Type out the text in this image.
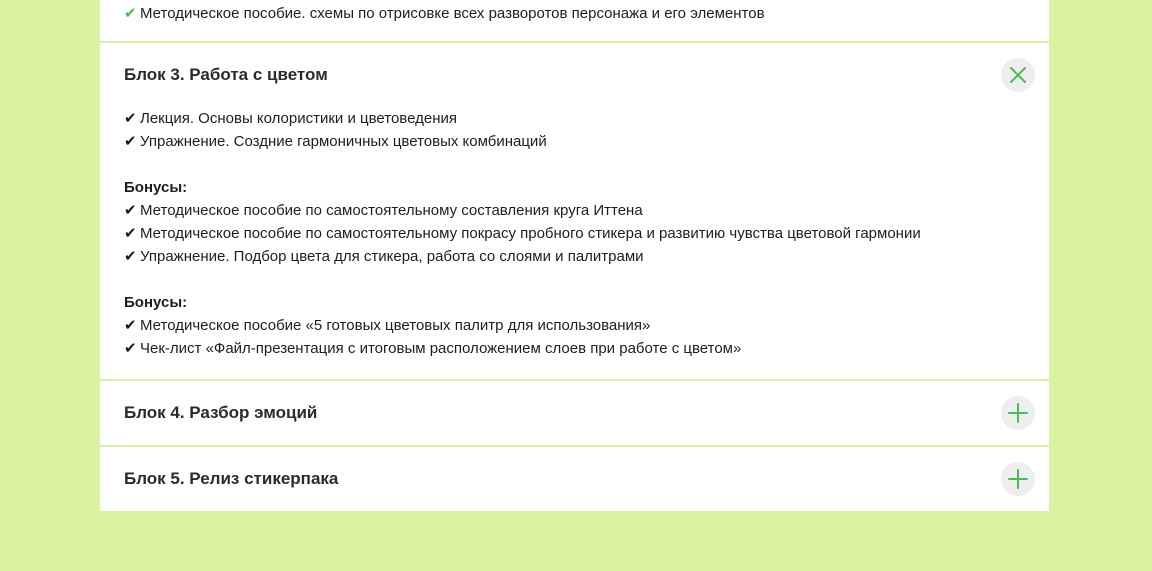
✔ Методическое пособие. схемы по отрисовке всех разворотов персонажа и его элементов
Блок 3. Работа с цветом
✔ Лекция. Основы колористики и цветоведения
✔ Упражнение. Создние гармоничных цветовых комбинаций
Бонусы:
✔ Методическое пособие по самостоятельному составления круга Иттена
✔ Методическое пособие по самостоятельному покрасу пробного стикера и развитию чувства цветовой гармонии
✔ Упражнение. Подбор цвета для стикера, работа со слоями и палитрами
Бонусы:
✔ Методическое пособие «5 готовых цветовых палитр для использования»
✔ Чек-лист «Файл-презентация с итоговым расположением слоев при работе с цветом»
Блок 4. Разбор эмоций
Блок 5. Релиз стикерпака
